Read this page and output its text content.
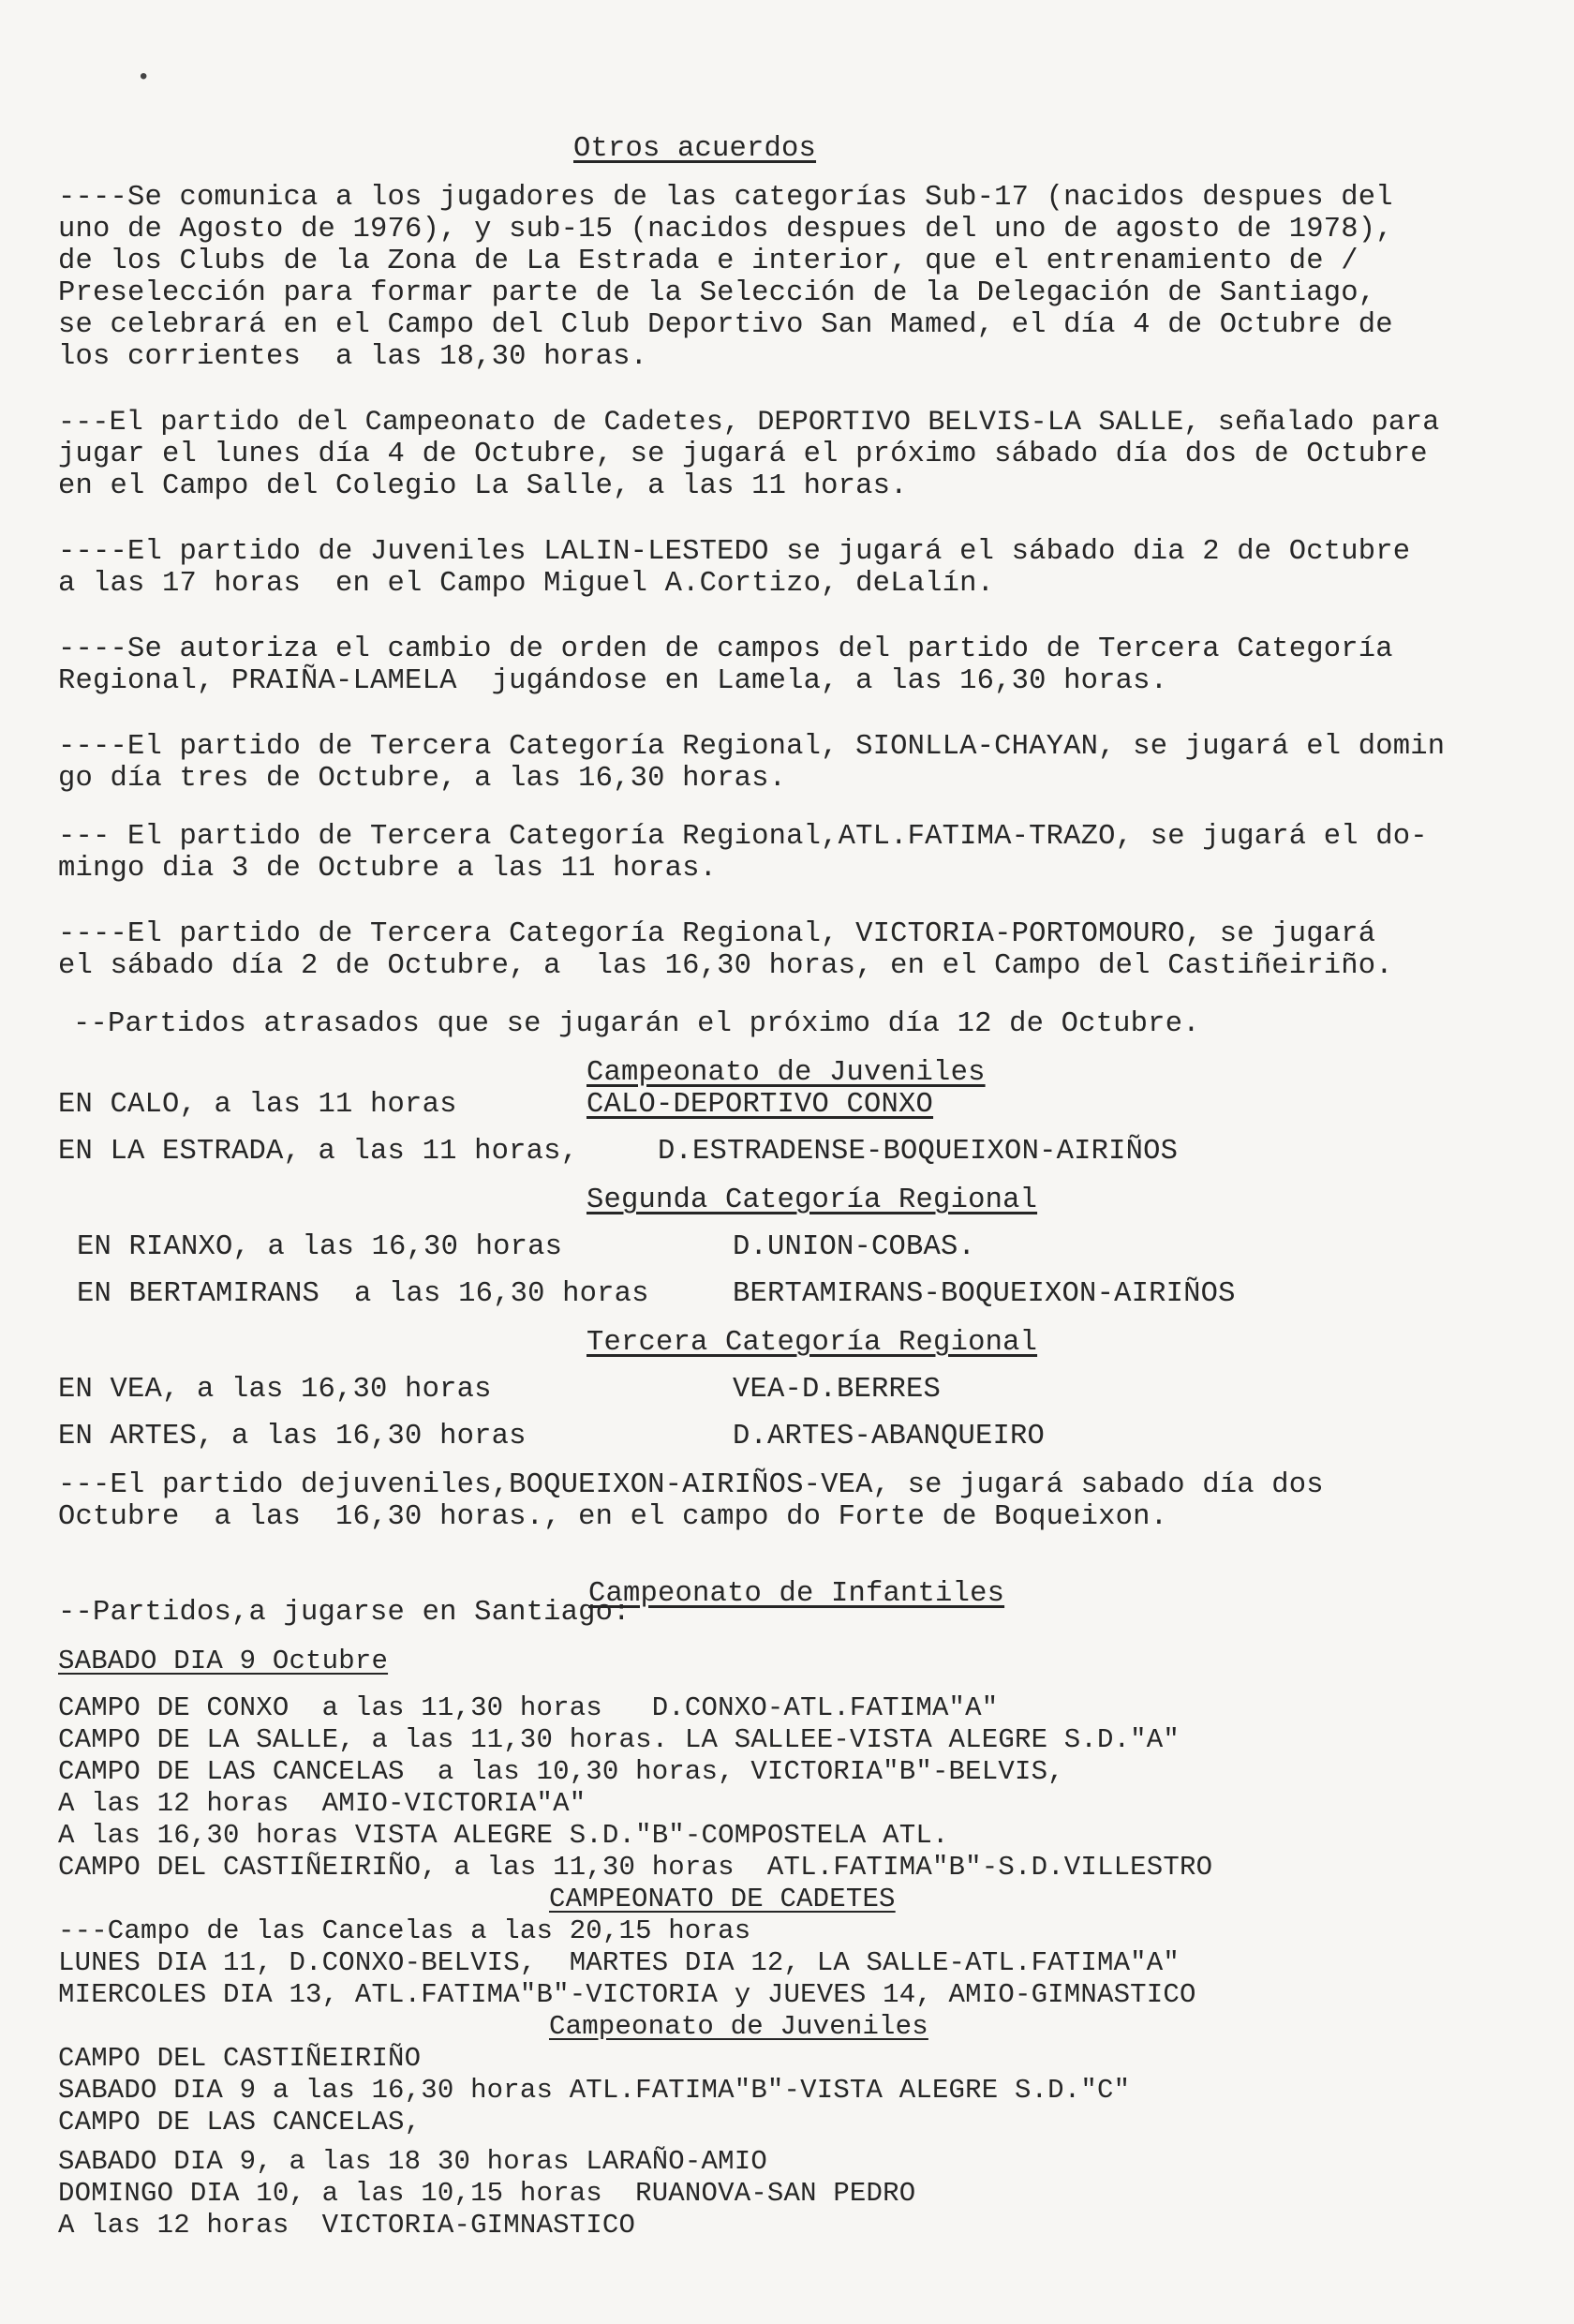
•
Otros acuerdos
----Se comunica a los jugadores de las categorías Sub-17 (nacidos despues del
uno de Agosto de 1976), y sub-15 (nacidos despues del uno de agosto de 1978),
de los Clubs de la Zona de La Estrada e interior, que el entrenamiento de /
Preselección para formar parte de la Selección de la Delegación de Santiago,
se celebrará en el Campo del Club Deportivo San Mamed, el día 4 de Octubre de
los corrientes  a las 18,30 horas.
---El partido del Campeonato de Cadetes, DEPORTIVO BELVIS-LA SALLE, señalado para
jugar el lunes día 4 de Octubre, se jugará el próximo sábado día dos de Octubre
en el Campo del Colegio La Salle, a las 11 horas.
----El partido de Juveniles LALIN-LESTEDO se jugará el sábado dia 2 de Octubre
a las 17 horas  en el Campo Miguel A.Cortizo, deLalín.
----Se autoriza el cambio de orden de campos del partido de Tercera Categoría
Regional, PRAIÑA-LAMELA  jugándose en Lamela, a las 16,30 horas.
----El partido de Tercera Categoría Regional, SIONLLA-CHAYAN, se jugará el domin
go día tres de Octubre, a las 16,30 horas.
--- El partido de Tercera Categoría Regional,ATL.FATIMA-TRAZO, se jugará el do-
mingo dia 3 de Octubre a las 11 horas.
----El partido de Tercera Categoría Regional, VICTORIA-PORTOMOURO, se jugará
el sábado día 2 de Octubre, a  las 16,30 horas, en el Campo del Castiñeiriño.
--Partidos atrasados que se jugarán el próximo día 12 de Octubre.
Campeonato de Juveniles
EN CALO, a las 11 horas	CALO-DEPORTIVO CONXO
EN LA ESTRADA, a las 11 horas,	D.ESTRADENSE-BOQUEIXON-AIRIÑOS
Segunda Categoría Regional
EN RIANXO, a las 16,30 horas	D.UNION-COBAS.
EN BERTAMIRANS  a las 16,30 horas	BERTAMIRANS-BOQUEIXON-AIRIÑOS
Tercera Categoría Regional
EN VEA, a las 16,30 horas	VEA-D.BERRES
EN ARTES, a las 16,30 horas	D.ARTES-ABANQUEIRO
---El partido dejuveniles,BOQUEIXON-AIRIÑOS-VEA, se jugará sabado día dos
Octubre  a las  16,30 horas., en el campo do Forte de Boqueixon.
Campeonato de Infantiles
--Partidos,a jugarse en Santiago:
SABADO DIA 9 Octubre
CAMPO DE CONXO  a las 11,30 horas   D.CONXO-ATL.FATIMA"A"
CAMPO DE LA SALLE, a las 11,30 horas. LA SALLEE-VISTA ALEGRE S.D."A"
CAMPO DE LAS CANCELAS  a las 10,30 horas, VICTORIA"B"-BELVIS,
A las 12 horas  AMIO-VICTORIA"A"
A las 16,30 horas VISTA ALEGRE S.D."B"-COMPOSTELA ATL.
CAMPO DEL CASTIÑEIRIÑO, a las 11,30 horas  ATL.FATIMA"B"-S.D.VILLESTRO
CAMPEONATO DE CADETES
---Campo de las Cancelas a las 20,15 horas
LUNES DIA 11, D.CONXO-BELVIS,  MARTES DIA 12, LA SALLE-ATL.FATIMA"A"
MIERCOLES DIA 13, ATL.FATIMA"B"-VICTORIA y JUEVES 14, AMIO-GIMNASTICO
Campeonato de Juveniles
CAMPO DEL CASTIÑEIRIÑO
SABADO DIA 9 a las 16,30 horas ATL.FATIMA"B"-VISTA ALEGRE S.D."C"
CAMPO DE LAS CANCELAS,
SABADO DIA 9, a las 18 30 horas LARAÑO-AMIO
DOMINGO DIA 10, a las 10,15 horas  RUANOVA-SAN PEDRO
A las 12 horas  VICTORIA-GIMNASTICO
